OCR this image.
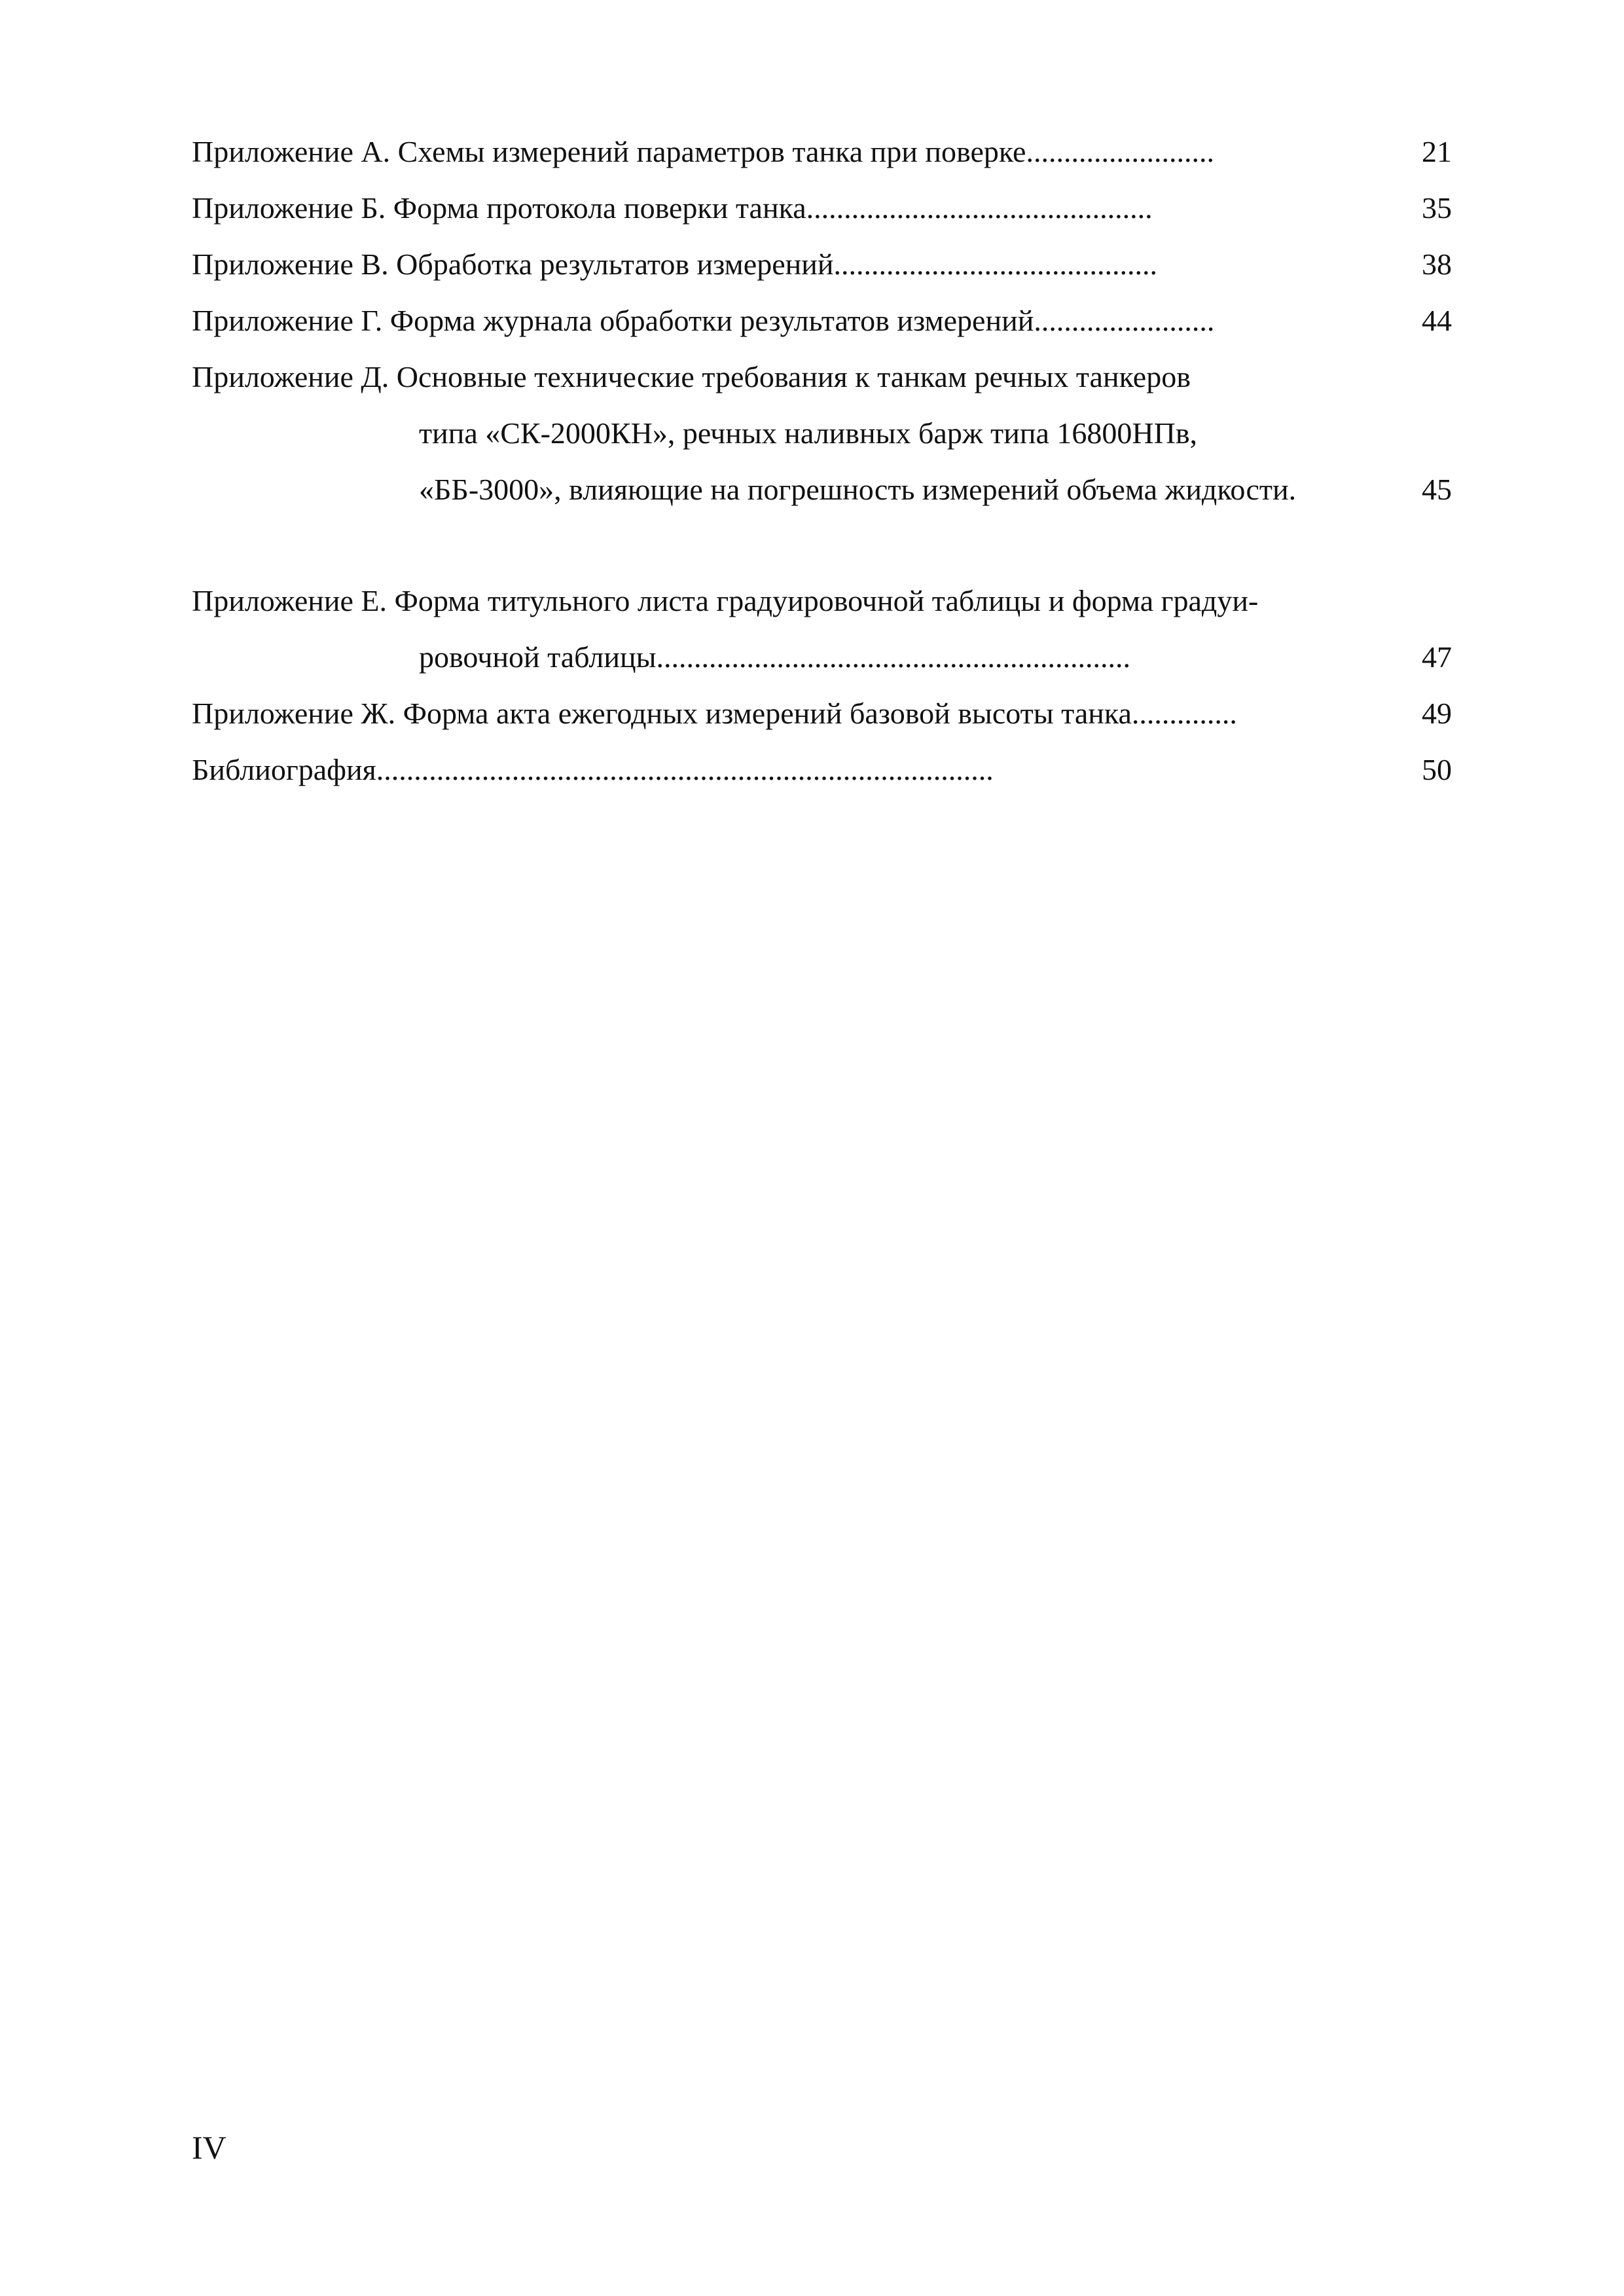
Приложение А. Схемы измерений параметров танка при поверке.........................	21
Приложение Б. Форма протокола поверки танка..............................................	35
Приложение В. Обработка результатов измерений...........................................	38
Приложение Г. Форма журнала обработки результатов измерений........................	44
Приложение Д. Основные технические требования к танкам речных танкеров
типа «СК-2000КН», речных наливных барж типа 16800НПв,
«ББ-3000», влияющие на погрешность измерений объема жидкости.	45
Приложение Е. Форма титульного листа градуировочной таблицы и форма градуи-
ровочной таблицы...............................................................	47
Приложение Ж. Форма акта ежегодных измерений базовой высоты танка..............	49
Библиография..................................................................................	50
IV
